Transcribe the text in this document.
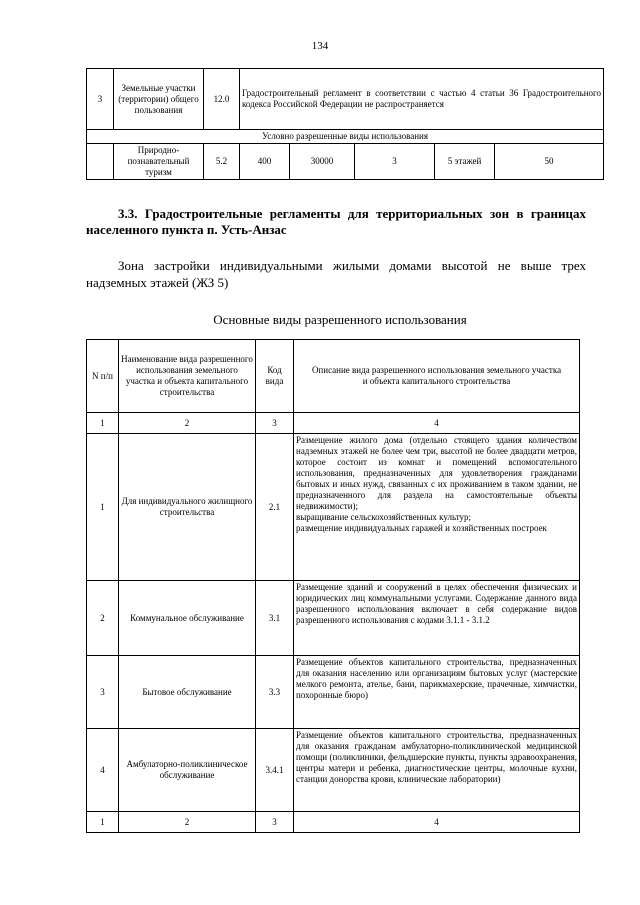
134
3	Земельные участки (территории) общего пользования	12.0	Градостроительный регламент в соответствии с частью 4 статьи 36 Градостроительного кодекса Российской Федерации не распространяется				
Условно разрешенные виды использования							
	Природно-познавательный туризм	5.2	400	30000	3	5 этажей	50
3.3. Градостроительные регламенты для территориальных зон в границах населенного пункта п. Усть-Анзас
Зона застройки индивидуальными жилыми домами высотой не выше трех надземных этажей (ЖЗ 5)
Основные виды разрешенного использования
N п/п	Наименование вида разрешенного использования земельного участка и объекта капитального строительства	Код вида	Описание вида разрешенного использования земельного участка и объекта капитального строительства
1	2	3	4
1	Для индивидуального жилищного строительства	2.1	Размещение жилого дома (отдельно стоящего здания количеством надземных этажей не более чем три, высотой не более двадцати метров, которое состоит из комнат и помещений вспомогательного использования, предназначенных для удовлетворения гражданами бытовых и иных нужд, связанных с их проживанием в таком здании, не предназначенного для раздела на самостоятельные объекты недвижимости);
выращивание сельскохозяйственных культур;
размещение индивидуальных гаражей и хозяйственных построек
2	Коммунальное обслуживание	3.1	Размещение зданий и сооружений в целях обеспечения физических и юридических лиц коммунальными услугами. Содержание данного вида разрешенного использования включает в себя содержание видов разрешенного использования с кодами 3.1.1 - 3.1.2
3	Бытовое обслуживание	3.3	Размещение объектов капитального строительства, предназначенных для оказания населению или организациям бытовых услуг (мастерские мелкого ремонта, ателье, бани, парикмахерские, прачечные, химчистки, похоронные бюро)
4	Амбулаторно-поликлиническое обслуживание	3.4.1	Размещение объектов капитального строительства, предназначенных для оказания гражданам амбулаторно-поликлинической медицинской помощи (поликлиники, фельдшерские пункты, пункты здравоохранения, центры матери и ребенка, диагностические центры, молочные кухни, станции донорства крови, клинические лаборатории)
1	2	3	4
